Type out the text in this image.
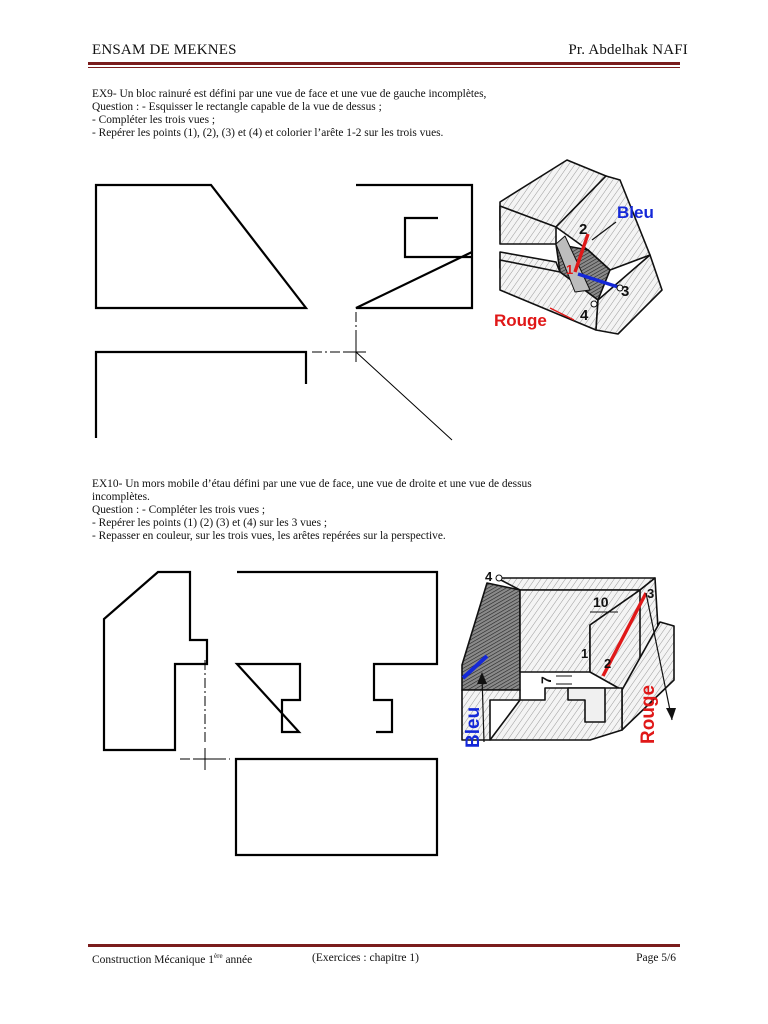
ENSAM DE MEKNES	Pr. Abdelhak NAFI
EX9- Un bloc rainuré est défini par une vue de face et une vue de gauche incomplètes,
Question : - Esquisser le rectangle capable de la vue de dessus ;
- Compléter les trois vues ;
- Repérer les points (1), (2), (3) et (4) et colorier l’arête 1-2 sur les trois vues.
EX10- Un mors mobile d’étau défini par une vue de face, une vue de droite et une vue de dessus
incomplètes.
Question : - Compléter les trois vues ;
- Repérer les points (1) (2) (3) et (4) sur les 3 vues ;
- Repasser en couleur, sur les trois vues, les arêtes repérées sur la perspective.
Bleu
Rouge
1
2
3
4
10
7
1
2
3
4
Bleu	Rouge
Construction Mécanique 1ère année	(Exercices : chapitre 1)	Page 5/6
